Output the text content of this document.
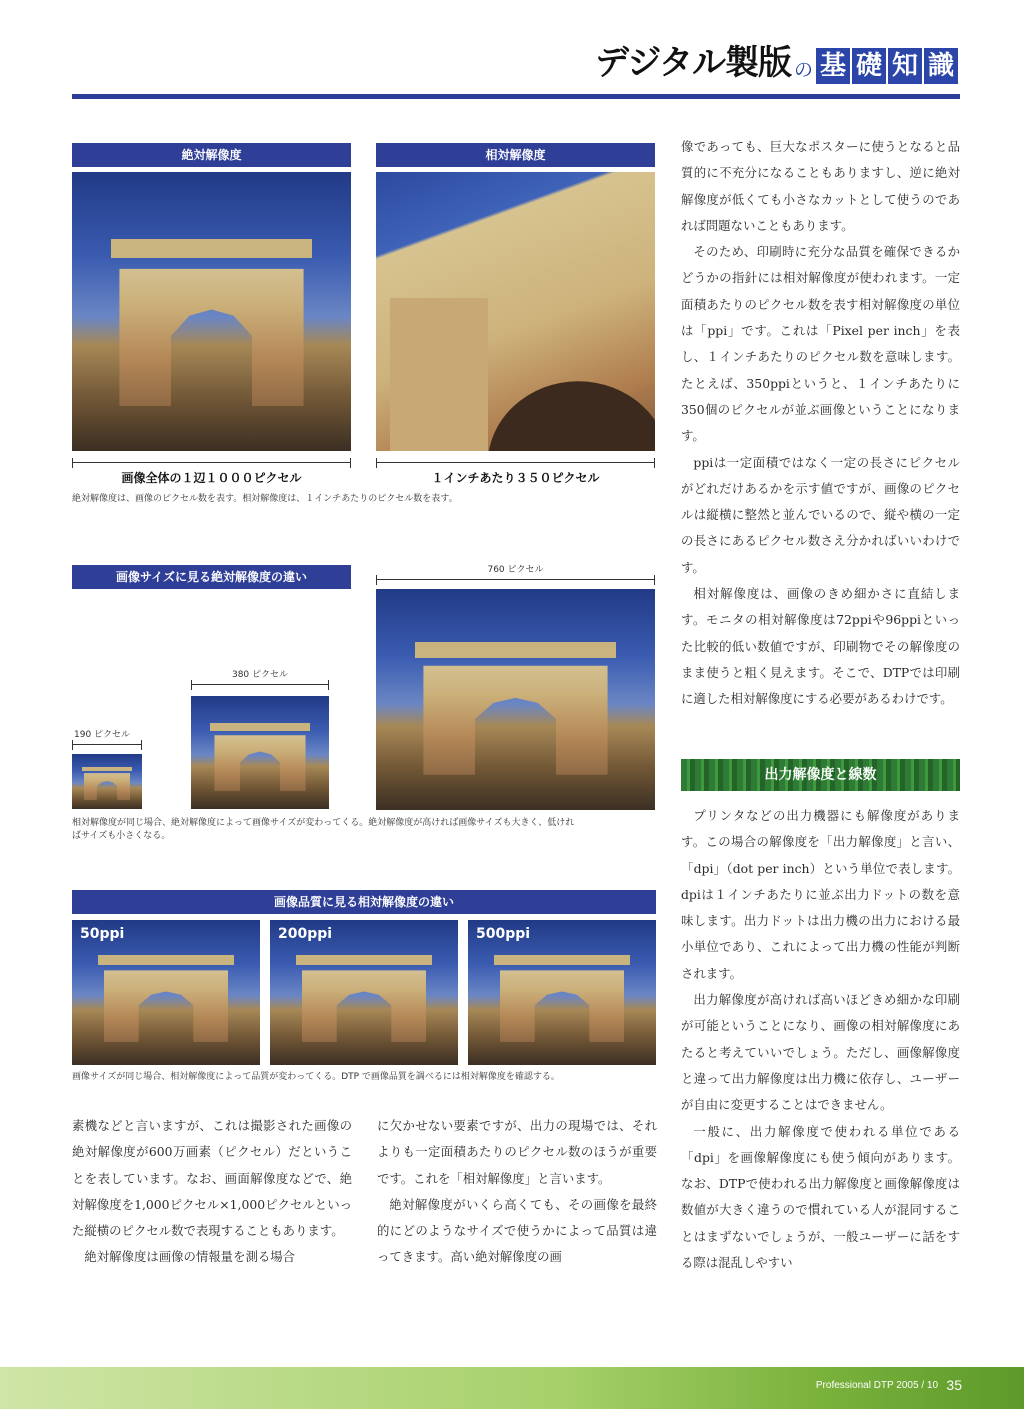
デジタル製版 の 基 礎 知 識
絶対解像度	相対解像度
画像全体の１辺１０００ピクセル	１インチあたり３５０ピクセル
絶対解像度は、画像のピクセル数を表す。相対解像度は、１インチあたりのピクセル数を表す。
画像サイズに見る絶対解像度の違い	760 ピクセル
380 ピクセル
190 ピクセル
相対解像度が同じ場合、絶対解像度によって画像サイズが変わってくる。絶対解像度が高ければ画像サイズも大きく、低けれ
ばサイズも小さくなる。
画像品質に見る相対解像度の違い
50ppi	200ppi	500ppi
画像サイズが同じ場合、相対解像度によって品質が変わってくる。DTP で画像品質を調べるには相対解像度を確認する。

素機などと言いますが、これは撮影された画像の絶対解像度が600万画素（ピクセル）だということを表しています。なお、画面解像度などで、絶対解像度を1,000ピクセル×1,000ピクセルといった縦横のピクセル数で表現することもあります。

絶対解像度は画像の情報量を測る場合

に欠かせない要素ですが、出力の現場では、それよりも一定面積あたりのピクセル数のほうが重要です。これを「相対解像度」と言います。

絶対解像度がいくら高くても、その画像を最終的にどのようなサイズで使うかによって品質は違ってきます。高い絶対解像度の画

像であっても、巨大なポスターに使うとなると品質的に不充分になることもありますし、逆に絶対解像度が低くても小さなカットとして使うのであれば問題ないこともあります。

そのため、印刷時に充分な品質を確保できるかどうかの指針には相対解像度が使われます。一定面積あたりのピクセル数を表す相対解像度の単位は「ppi」です。これは「Pixel per inch」を表し、１インチあたりのピクセル数を意味します。たとえば、350ppiというと、１インチあたりに350個のピクセルが並ぶ画像ということになります。

ppiは一定面積ではなく一定の長さにピクセルがどれだけあるかを示す値ですが、画像のピクセルは縦横に整然と並んでいるので、縦や横の一定の長さにあるピクセル数さえ分かればいいわけです。

相対解像度は、画像のきめ細かさに直結します。モニタの相対解像度は72ppiや96ppiといった比較的低い数値ですが、印刷物でその解像度のまま使うと粗く見えます。そこで、DTPでは印刷に適した相対解像度にする必要があるわけです。

出力解像度と線数

プリンタなどの出力機器にも解像度があります。この場合の解像度を「出力解像度」と言い、「dpi」（dot per inch）という単位で表します。dpiは１インチあたりに並ぶ出力ドットの数を意味します。出力ドットは出力機の出力における最小単位であり、これによって出力機の性能が判断されます。

出力解像度が高ければ高いほどきめ細かな印刷が可能ということになり、画像の相対解像度にあたると考えていいでしょう。ただし、画像解像度と違って出力解像度は出力機に依存し、ユーザーが自由に変更することはできません。

一般に、出力解像度で使われる単位である「dpi」を画像解像度にも使う傾向があります。なお、DTPで使われる出力解像度と画像解像度は数値が大きく違うので慣れている人が混同することはまずないでしょうが、一般ユーザーに話をする際は混乱しやすい

Professional DTP 2005 / 10 35
